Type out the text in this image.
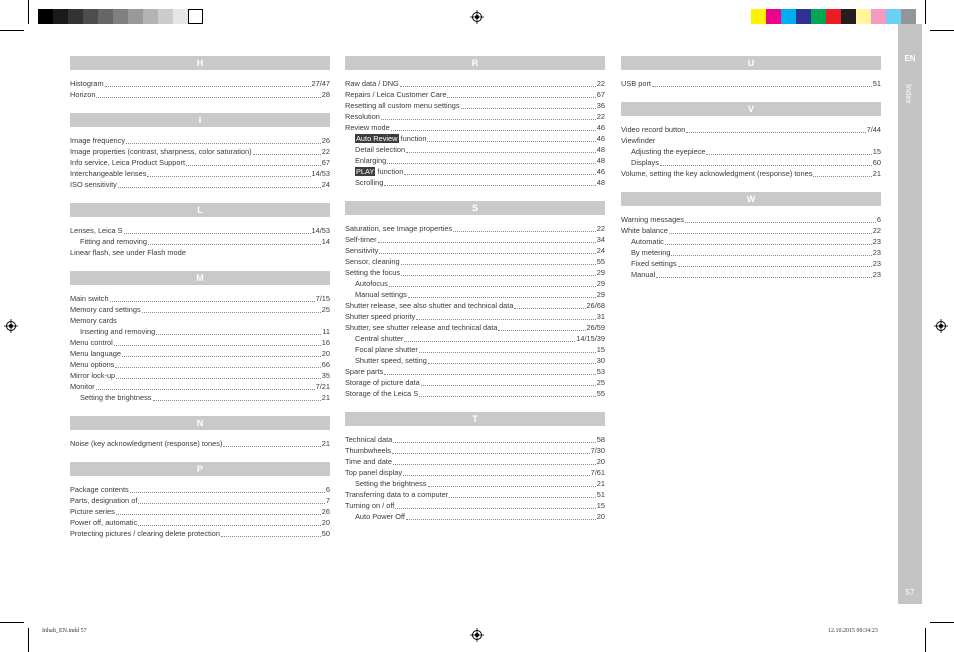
H
Histogram	27/47
Horizon	28
I
Image frequency	26
Image properties (contrast, sharpness, color saturation)	22
Info service, Leica Product Support	67
Interchangeable lenses	14/53
ISO sensitivity	24
L
Lenses, Leica S	14/53
Fitting and removing	14
Linear flash, see under Flash mode
M
Main switch	7/15
Memory card settings	25
Memory cards
Inserting and removing	11
Menu control	16
Menu language	20
Menu options	66
Mirror lock-up	35
Monitor	7/21
Setting the brightness	21
N
Noise (key acknowledgment (response) tones)	21
P
Package contents	6
Parts, designation of	7
Picture series	26
Power off, automatic	20
Protecting pictures / clearing delete protection	50
R
Raw data / DNG	22
Repairs / Leica Customer Care	67
Resetting all custom menu settings	36
Resolution	22
Review mode	46
Auto Review function	46
Detail selection	48
Enlarging	48
PLAY function	46
Scrolling	48
S
Saturation, see Image properties	22
Self-timer	34
Sensitivity	24
Sensor, cleaning	55
Setting the focus	29
Autofocus	29
Manual settings	29
Shutter release, see also shutter and technical data	26/68
Shutter speed priority	31
Shutter, see shutter release and technical data	26/59
Central shutter	14/15/39
Focal plane shutter	15
Shutter speed, setting	30
Spare parts	53
Storage of picture data	25
Storage of the Leica S	55
T
Technical data	58
Thumbwheels	7/30
Time and date	20
Top panel display	7/61
Setting the brightness	21
Transferring data to a computer	51
Turning on / off	15
Auto Power Off	20
U
USB port	51
V
Video record button	7/44
Viewfinder
Adjusting the eyepiece	15
Displays	60
Volume, setting the key acknowledgment (response) tones	21
W
Warning messages	6
White balance	22
Automatic	23
By metering	23
Fixed settings	23
Manual	23
EN
Index
57
Inhalt_EN.indd 57	12.10.2015 09:34:23
